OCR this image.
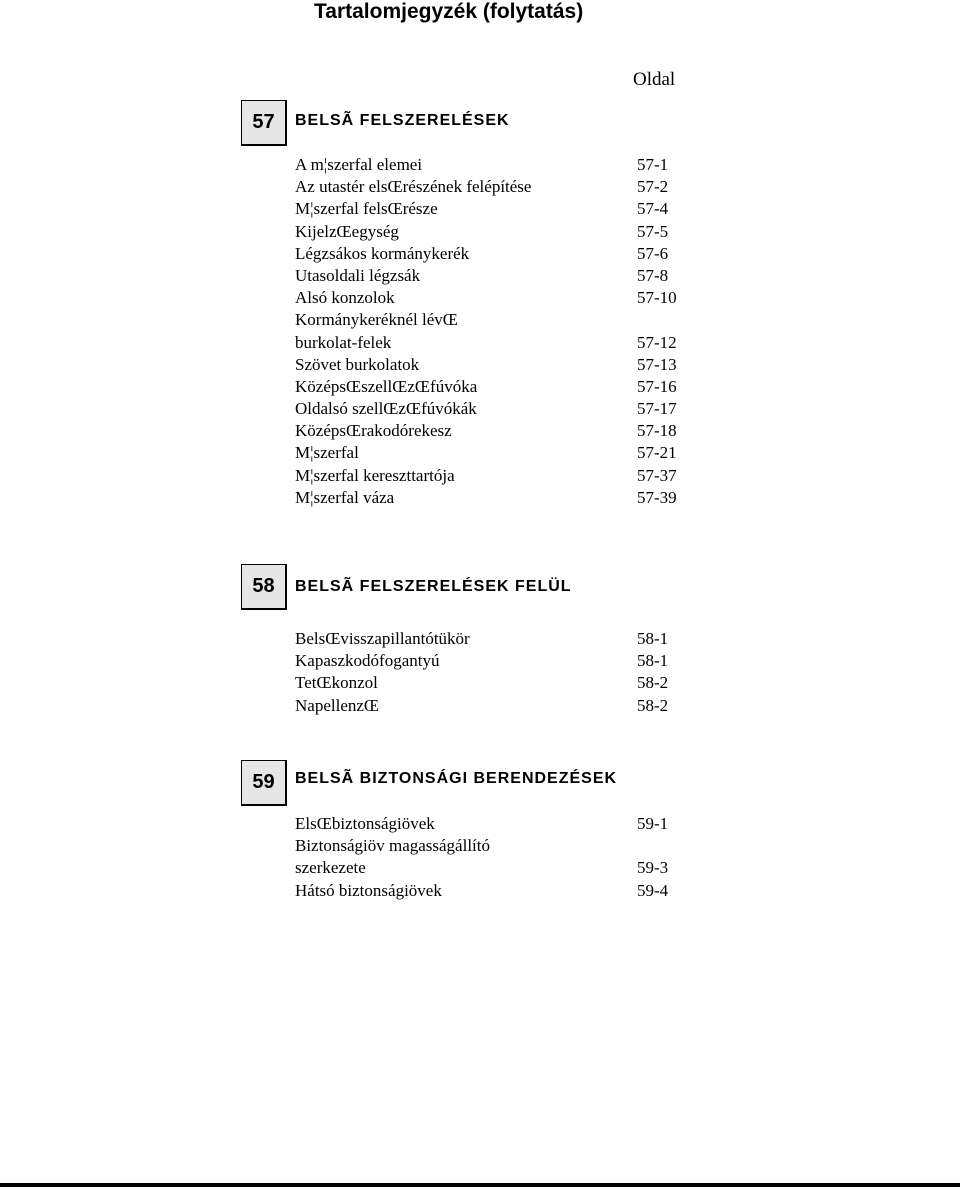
Tartalomjegyzék (folytatás)
Oldal
57	BELSÃ FELSZERELÉSEK
A m¦szerfal elemei	57-1
Az utastér elsŒrészének felépítése	57-2
M¦szerfal felsŒrésze	57-4
KijelzŒegység	57-5
Légzsákos kormánykerék	57-6
Utasoldali légzsák	57-8
Alsó konzolok	57-10
Kormánykeréknél lévŒ
burkolat-felek	57-12
Szövet burkolatok	57-13
KözépsŒszellŒzŒfúvóka	57-16
Oldalsó szellŒzŒfúvókák	57-17
KözépsŒrakodórekesz	57-18
M¦szerfal	57-21
M¦szerfal kereszttartója	57-37
M¦szerfal váza	57-39
58	BELSÃ FELSZERELÉSEK FELÜL
BelsŒvisszapillantótükör	58-1
Kapaszkodófogantyú	58-1
TetŒkonzol	58-2
NapellenzŒ	58-2
59	BELSÃ BIZTONSÁGI BERENDEZÉSEK
ElsŒbiztonságiövek	59-1
Biztonságiöv magasságállító
szerkezete	59-3
Hátsó biztonságiövek	59-4
